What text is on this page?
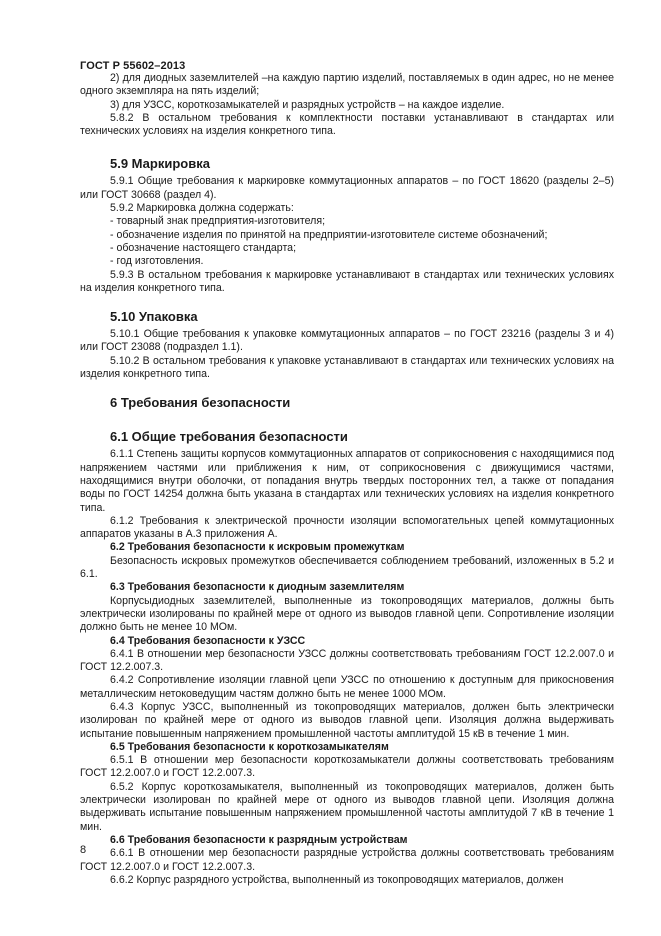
ГОСТ Р 55602–2013

2) для диодных заземлителей –на каждую партию изделий, поставляемых в один адрес, но не менее одного экземпляра на пять изделий;

3) для УЗСС, короткозамыкателей и разрядных устройств – на каждое изделие.

5.8.2 В остальном требования к комплектности поставки устанавливают в стандартах или технических условиях на изделия конкретного типа.

5.9 Маркировка

5.9.1 Общие требования к маркировке коммутационных аппаратов – по ГОСТ 18620 (разделы 2–5) или ГОСТ 30668 (раздел 4).

5.9.2 Маркировка должна содержать:

- товарный знак предприятия-изготовителя;

- обозначение изделия по принятой на предприятии-изготовителе системе обозначений;

- обозначение настоящего стандарта;

- год изготовления.

5.9.3 В остальном требования к маркировке устанавливают в стандартах или технических условиях на изделия конкретного типа.

5.10 Упаковка

5.10.1 Общие требования к упаковке коммутационных аппаратов – по ГОСТ 23216 (разделы 3 и 4) или ГОСТ 23088 (подраздел 1.1).

5.10.2 В остальном требования к упаковке устанавливают в стандартах или технических условиях на изделия конкретного типа.

6 Требования безопасности
6.1 Общие требования безопасности

6.1.1 Степень защиты корпусов коммутационных аппаратов от соприкосновения с находящимися под напряжением частями или приближения к ним, от соприкосновения с движущимися частями, находящимися внутри оболочки, от попадания внутрь твердых посторонних тел, а также от попадания воды по ГОСТ 14254 должна быть указана в стандартах или технических условиях на изделия конкретного типа.

6.1.2 Требования к электрической прочности изоляции вспомогательных цепей коммутационных аппаратов указаны в А.3 приложения А.

6.2 Требования безопасности к искровым промежуткам

Безопасность искровых промежутков обеспечивается соблюдением требований, изложенных в 5.2 и 6.1.

6.3 Требования безопасности к диодным заземлителям

Корпусыдиодных заземлителей, выполненные из токопроводящих материалов, должны быть электрически изолированы по крайней мере от одного из выводов главной цепи. Сопротивление изоляции должно быть не менее 10 МОм.

6.4 Требования безопасности к УЗСС

6.4.1 В отношении мер безопасности УЗСС должны соответствовать требованиям ГОСТ 12.2.007.0 и ГОСТ 12.2.007.3.

6.4.2 Сопротивление изоляции главной цепи УЗСС по отношению к доступным для прикосновения металлическим нетоковедущим частям должно быть не менее 1000 МОм.

6.4.3 Корпус УЗСС, выполненный из токопроводящих материалов, должен быть электрически изолирован по крайней мере от одного из выводов главной цепи. Изоляция должна выдерживать испытание повышенным напряжением промышленной частоты амплитудой 15 кВ в течение 1 мин.

6.5 Требования безопасности к короткозамыкателям

6.5.1 В отношении мер безопасности короткозамыкатели должны соответствовать требованиям ГОСТ 12.2.007.0 и ГОСТ 12.2.007.3.

6.5.2 Корпус короткозамыкателя, выполненный из токопроводящих материалов, должен быть электрически изолирован по крайней мере от одного из выводов главной цепи. Изоляция должна выдерживать испытание повышенным напряжением промышленной частоты амплитудой 7 кВ в течение 1 мин.

6.6 Требования безопасности к разрядным устройствам

6.6.1 В отношении мер безопасности разрядные устройства должны соответствовать требованиям ГОСТ 12.2.007.0 и ГОСТ 12.2.007.3.

6.6.2 Корпус разрядного устройства, выполненный из токопроводящих материалов, должен

8
